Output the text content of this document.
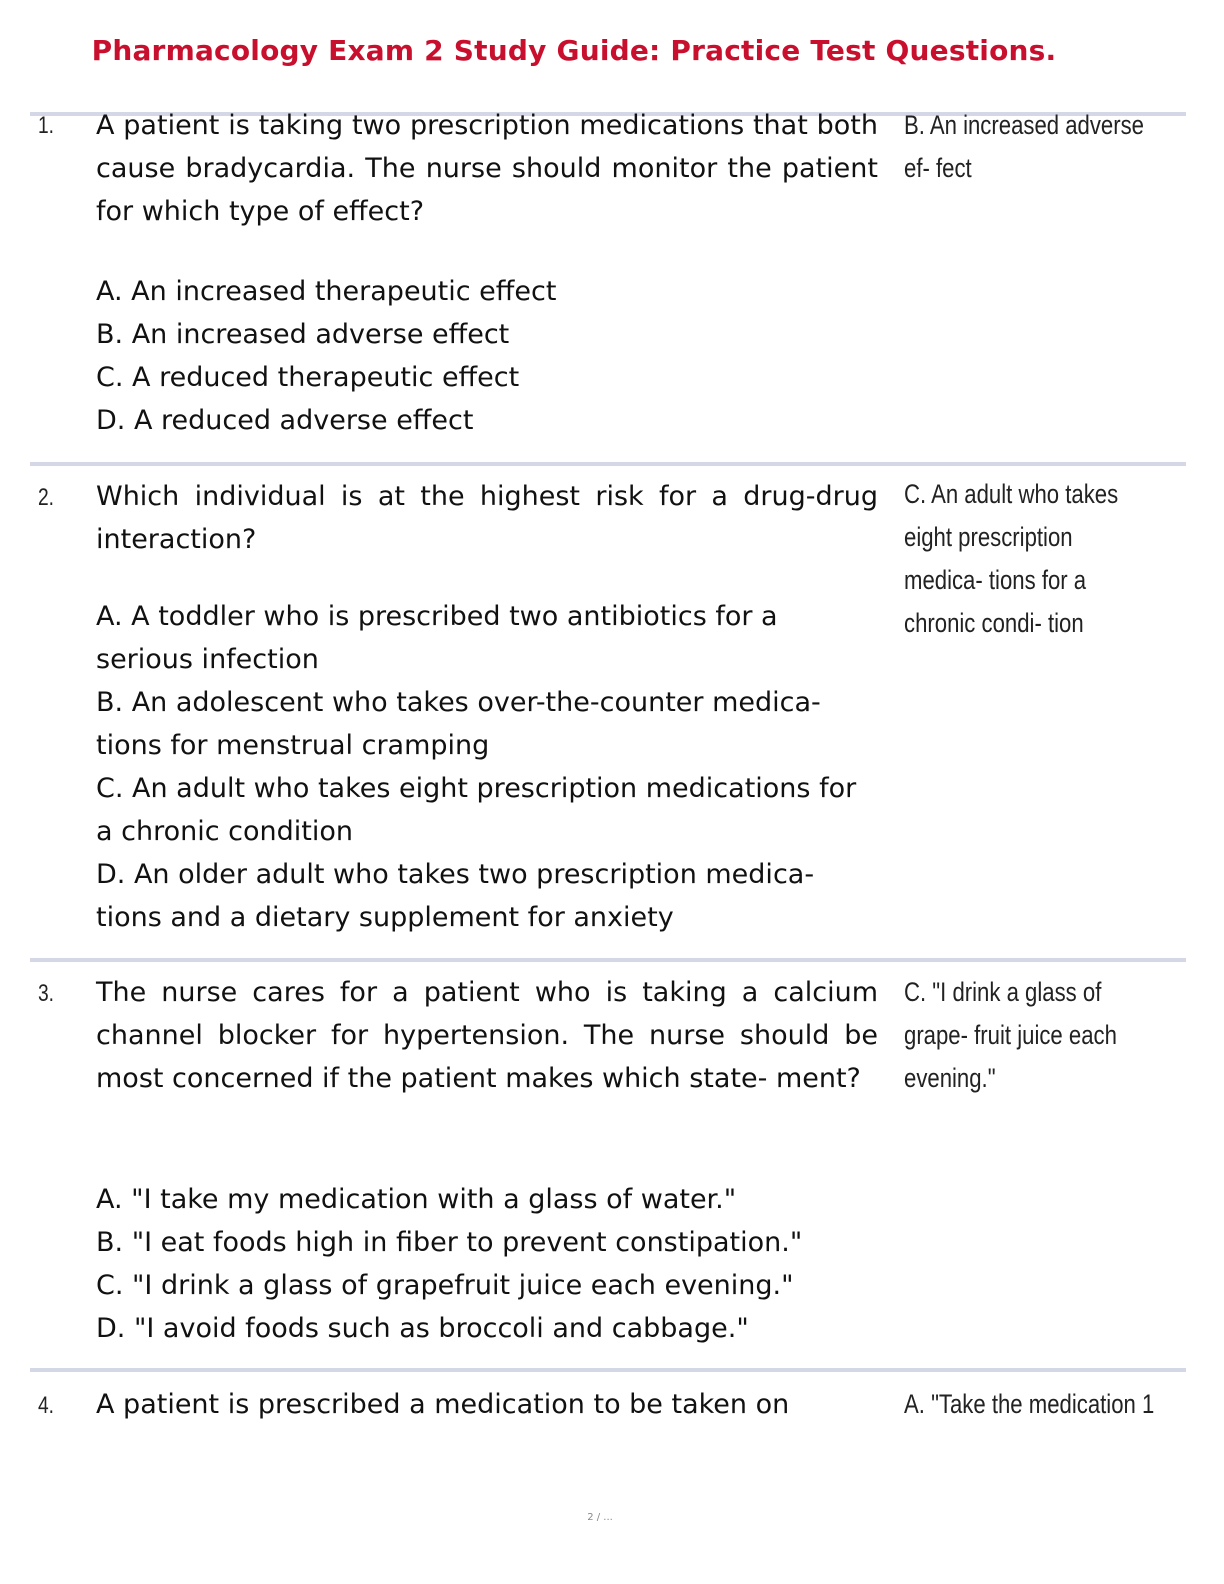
Pharmacology Exam 2 Study Guide: Practice Test Questions.
1. A patient is taking two prescription medications that both cause bradycardia. The nurse should monitor the patient for which type of effect?

A. An increased therapeutic effect

B. An increased adverse effect

C. A reduced therapeutic effect

D. A reduced adverse effect

B. An increased adverse ef- fect
2. Which individual is at the highest risk for a drug-drug interaction?

A. A toddler who is prescribed two antibiotics for a serious infection

B. An adolescent who takes over-the-counter medica- tions for menstrual cramping

C. An adult who takes eight prescription medications for a chronic condition

D. An older adult who takes two prescription medica- tions and a dietary supplement for anxiety

C. An adult who takes eight prescription medica- tions for a chronic condi- tion
3. The nurse cares for a patient who is taking a calcium channel blocker for hypertension. The nurse should be most concerned if the patient makes which state- ment?

A. "I take my medication with a glass of water."

B. "I eat foods high in fiber to prevent constipation."

C. "I drink a glass of grapefruit juice each evening."

D. "I avoid foods such as broccoli and cabbage."

C. "I drink a glass of grape- fruit juice each evening."
4. A patient is prescribed a medication to be taken on	A. "Take the medication 1
2 / ...
